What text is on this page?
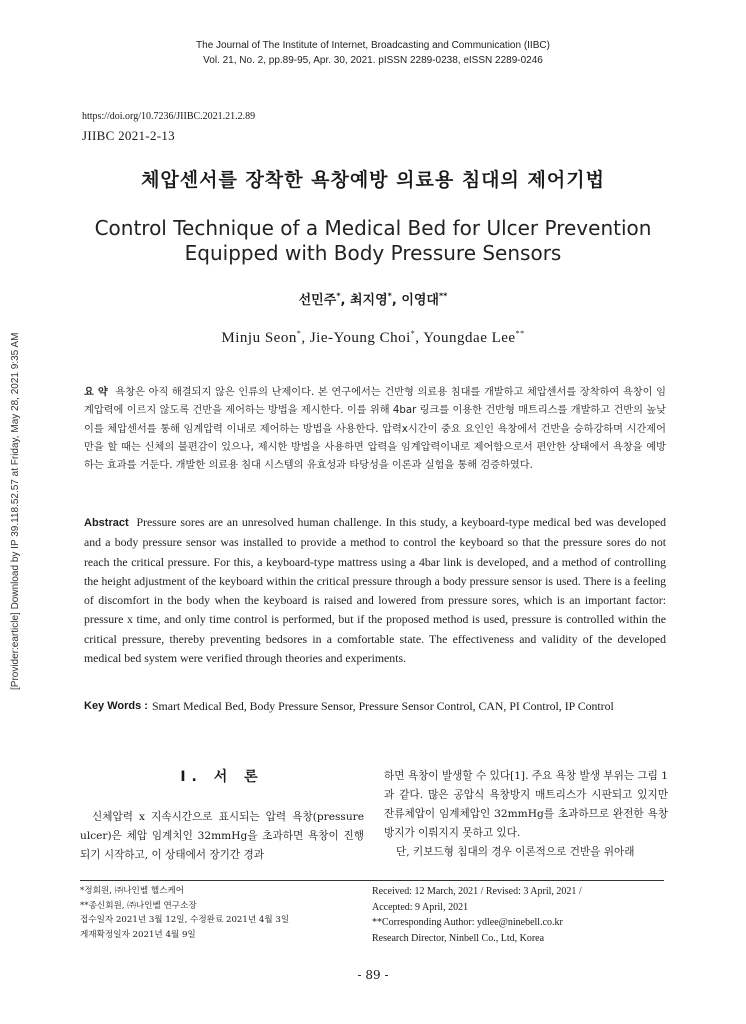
The Journal of The Institute of Internet, Broadcasting and Communication (IIBC)
Vol. 21, No. 2, pp.89-95, Apr. 30, 2021. pISSN 2289-0238, eISSN 2289-0246
[Provider:earticle] Download by IP 39.118.52.57 at Friday, May 28, 2021 9:35 AM
https://doi.org/10.7236/JIIBC.2021.21.2.89
JIIBC 2021-2-13
체압센서를 장착한 욕창예방 의료용 침대의 제어기법
Control Technique of a Medical Bed for Ulcer Prevention
Equipped with Body Pressure Sensors
선민주*, 최지영*, 이영대**
Minju Seon*, Jie-Young Choi*, Youngdae Lee**
요 약 욕창은 아직 해결되지 않은 인류의 난제이다. 본 연구에서는 건반형 의료용 침대를 개발하고 체압센서를 장착하여 욕창이 임계압력에 이르지 않도록 건반을 제어하는 방법을 제시한다. 이를 위해 4bar 링크를 이용한 건반형 매트리스를 개발하고 건반의 높낮이를 체압센서를 통해 임계압력 이내로 제어하는 방법을 사용한다. 압력x시간이 중요 요인인 욕창에서 건반을 승하강하며 시간제어만을 할 때는 신체의 불편감이 있으나, 제시한 방법을 사용하면 압력을 임계압력이내로 제어함으로서 편안한 상태에서 욕창을 예방하는 효과를 거둔다. 개발한 의료용 침대 시스템의 유효성과 타당성을 이론과 실험을 통해 검증하였다.
Abstract Pressure sores are an unresolved human challenge. In this study, a keyboard-type medical bed was developed and a body pressure sensor was installed to provide a method to control the keyboard so that the pressure sores do not reach the critical pressure. For this, a keyboard-type mattress using a 4bar link is developed, and a method of controlling the height adjustment of the keyboard within the critical pressure through a body pressure sensor is used. There is a feeling of discomfort in the body when the keyboard is raised and lowered from pressure sores, which is an important factor: pressure x time, and only time control is performed, but if the proposed method is used, pressure is controlled within the critical pressure, thereby preventing bedsores in a comfortable state. The effectiveness and validity of the developed medical bed system were verified through theories and experiments.
Key Words : Smart Medical Bed, Body Pressure Sensor, Pressure Sensor Control, CAN, PI Control, IP Control
Ⅰ. 서 론

신체압력 x 지속시간으로 표시되는 압력 욕창(pressure ulcer)은 체압 임계치인 32mmHg을 초과하면 욕창이 진행되기 시작하고, 이 상태에서 장기간 경과

하면 욕창이 발생할 수 있다[1]. 주요 욕창 발생 부위는 그림 1과 같다. 많은 공압식 욕창방지 매트리스가 시판되고 있지만 잔류체압이 임계체압인 32mmHg를 초과하므로 완전한 욕창방지가 이뤄지지 못하고 있다.

단, 키보드형 침대의 경우 이론적으로 건반을 위아래

*정회원, ㈜나인벨 헬스케어
**종신회원, ㈜나인벨 연구소장
접수일자 2021년 3월 12일, 수정완료 2021년 4월 3일
게재확정일자 2021년 4월 9일
Received: 12 March, 2021 / Revised: 3 April, 2021 /
Accepted: 9 April, 2021
**Corresponding Author: ydlee@ninebell.co.kr
Research Director, Ninbell Co., Ltd, Korea
- 89 -
